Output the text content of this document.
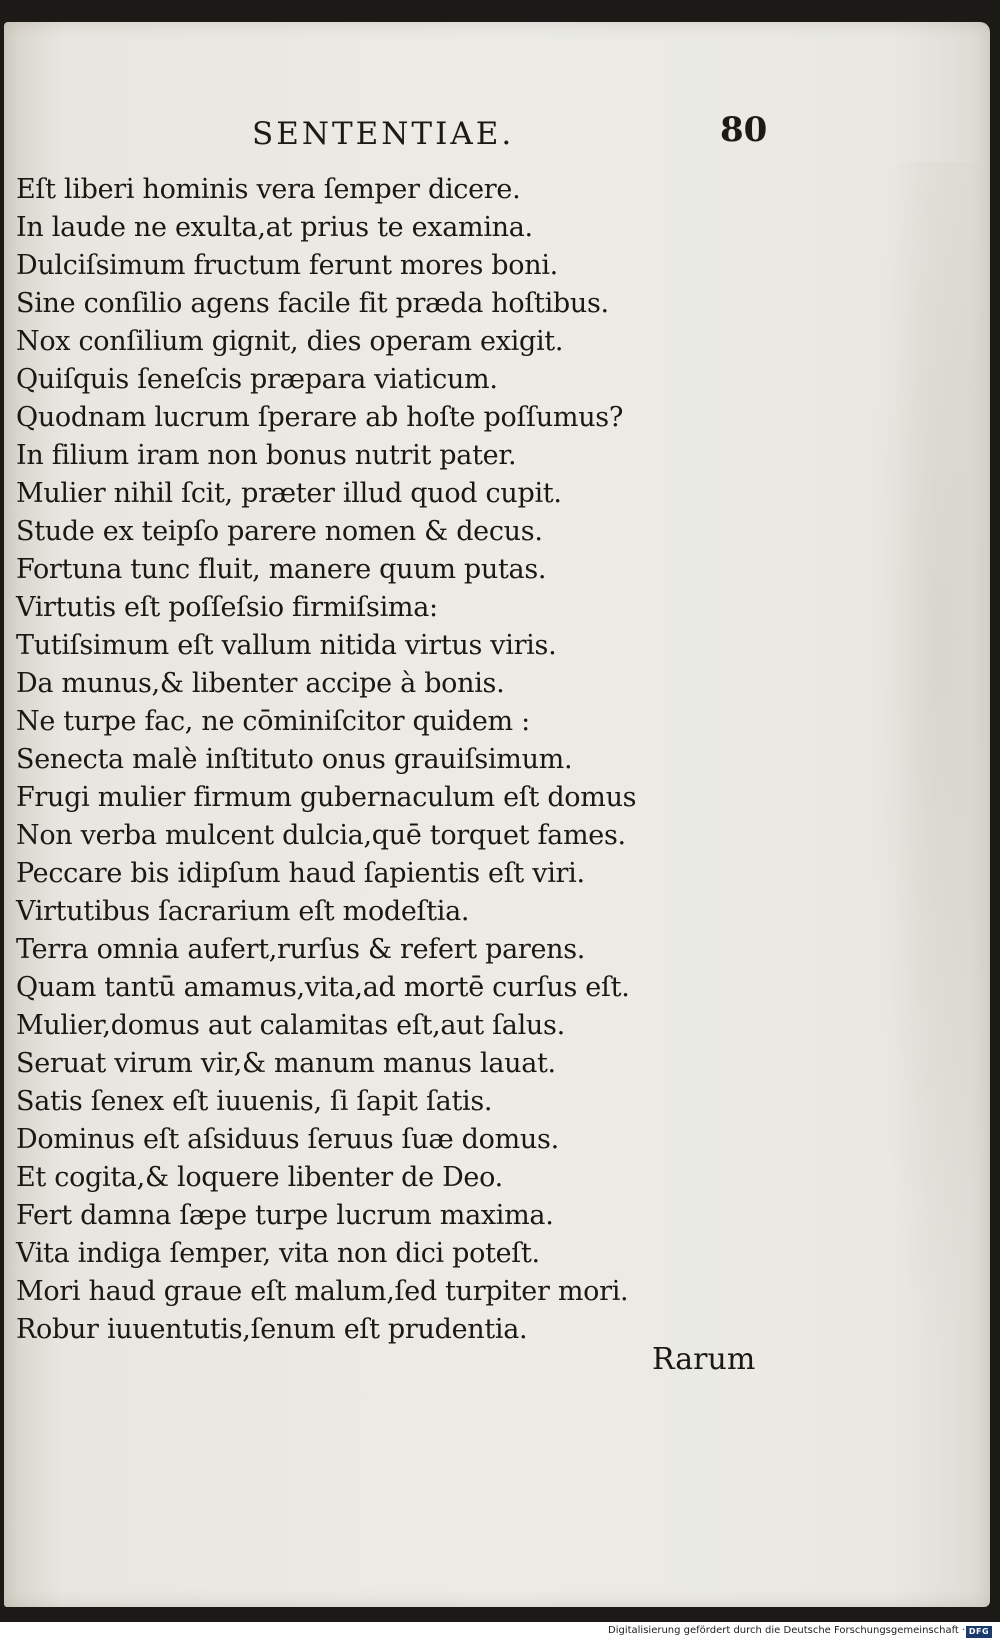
SENTENTIAE.	80
Eſt liberi hominis vera ſemper dicere.
In laude ne exulta,at prius te examina.
Dulciſsimum fructum ferunt mores boni.
Sine conſilio agens facile fit præda hoſtibus.
Nox conſilium gignit, dies operam exigit.
Quiſquis ſeneſcis præpara viaticum.
Quodnam lucrum ſperare ab hoſte poſſumus?
In filium iram non bonus nutrit pater.
Mulier nihil ſcit, præter illud quod cupit.
Stude ex teipſo parere nomen & decus.
Fortuna tunc fluit, manere quum putas.
Virtutis eſt poſſeſsio firmiſsima:
Tutiſsimum eſt vallum nitida virtus viris.
Da munus,& libenter accipe à bonis.
Ne turpe fac, ne cōminiſcitor quidem :
Senecta malè inſtituto onus grauiſsimum.
Frugi mulier firmum gubernaculum eſt domus
Non verba mulcent dulcia,quē torquet fames.
Peccare bis idipſum haud ſapientis eſt viri.
Virtutibus ſacrarium eſt modeſtia.
Terra omnia aufert,rurſus & refert parens.
Quam tantū amamus,vita,ad mortē curſus eſt.
Mulier,domus aut calamitas eſt,aut ſalus.
Seruat virum vir,& manum manus lauat.
Satis ſenex eſt iuuenis, ſi ſapit ſatis.
Dominus eſt aſsiduus ſeruus ſuæ domus.
Et cogita,& loquere libenter de Deo.
Fert damna ſæpe turpe lucrum maxima.
Vita indiga ſemper, vita non dici poteſt.
Mori haud graue eſt malum,ſed turpiter mori.
Robur iuuentutis,ſenum eſt prudentia.
Rarum
Digitalisierung gefördert durch die Deutsche Forschungsgemeinschaft · DFG
